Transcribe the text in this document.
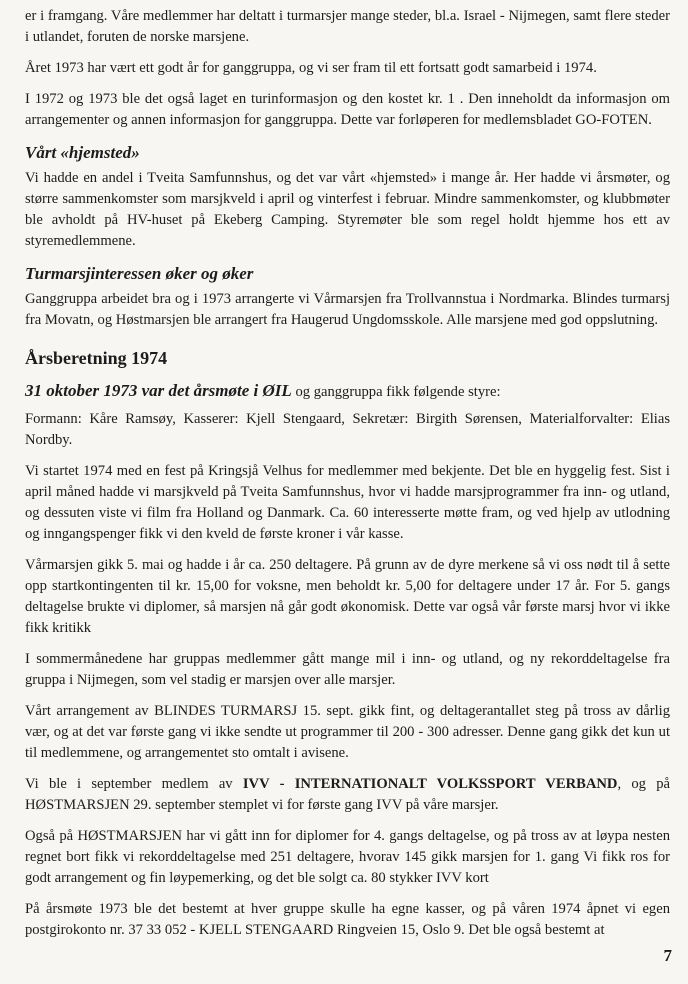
er i framgang. Våre medlemmer har deltatt i turmarsjer mange steder, bl.a. Israel - Nijmegen, samt flere steder i utlandet, foruten de norske marsjene.

Året 1973 har vært ett godt år for ganggruppa, og vi ser fram til ett fortsatt godt samarbeid i 1974.

I 1972 og 1973 ble det også laget en turinformasjon og den kostet kr. 1 . Den inneholdt da informasjon om arrangementer og annen informasjon for ganggruppa. Dette var forløperen for medlemsbladet GO-FOTEN.

Vårt «hjemsted»

Vi hadde en andel i Tveita Samfunnshus, og det var vårt «hjemsted» i mange år. Her hadde vi årsmøter, og større sammenkomster som marsjkveld i april og vinterfest i februar. Mindre sammenkomster, og klubbmøter ble avholdt på HV-huset på Ekeberg Camping. Styremøter ble som regel holdt hjemme hos ett av styremedlemmene.

Turmarsjinteressen øker og øker

Ganggruppa arbeidet bra og i 1973 arrangerte vi Vårmarsjen fra Trollvannstua i Nordmarka. Blindes turmarsj fra Movatn, og Høstmarsjen ble arrangert fra Haugerud Ungdomsskole. Alle marsjene med god oppslutning.

Årsberetning 1974
31 oktober 1973 var det årsmøte i ØIL og ganggruppa fikk følgende styre:

Formann: Kåre Ramsøy, Kasserer: Kjell Stengaard, Sekretær: Birgith Sørensen, Materialforvalter: Elias Nordby.

Vi startet 1974 med en fest på Kringsjå Velhus for medlemmer med bekjente. Det ble en hyggelig fest. Sist i april måned hadde vi marsjkveld på Tveita Samfunnshus, hvor vi hadde marsjprogrammer fra inn- og utland, og dessuten viste vi film fra Holland og Danmark. Ca. 60 interesserte møtte fram, og ved hjelp av utlodning og inngangspenger fikk vi den kveld de første kroner i vår kasse.

Vårmarsjen gikk 5. mai og hadde i år ca. 250 deltagere. På grunn av de dyre merkene så vi oss nødt til å sette opp startkontingenten til kr. 15,00 for voksne, men beholdt kr. 5,00 for deltagere under 17 år. For 5. gangs deltagelse brukte vi diplomer, så marsjen nå går godt økonomisk. Dette var også vår første marsj hvor vi ikke fikk kritikk

I sommermånedene har gruppas medlemmer gått mange mil i inn- og utland, og ny rekorddeltagelse fra gruppa i Nijmegen, som vel stadig er marsjen over alle marsjer.

Vårt arrangement av BLINDES TURMARSJ 15. sept. gikk fint, og deltagerantallet steg på tross av dårlig vær, og at det var første gang vi ikke sendte ut programmer til 200 - 300 adresser. Denne gang gikk det kun ut til medlemmene, og arrangementet sto omtalt i avisene.

Vi ble i september medlem av IVV - INTERNATIONALT VOLKSSPORT VERBAND, og på HØSTMARSJEN 29. september stemplet vi for første gang IVV på våre marsjer.

Også på HØSTMARSJEN har vi gått inn for diplomer for 4. gangs deltagelse, og på tross av at løypa nesten regnet bort fikk vi rekorddeltagelse med 251 deltagere, hvorav 145 gikk marsjen for 1. gang Vi fikk ros for godt arrangement og fin løypemerking, og det ble solgt ca. 80 stykker IVV kort

På årsmøte 1973 ble det bestemt at hver gruppe skulle ha egne kasser, og på våren 1974 åpnet vi egen postgirokonto nr. 37 33 052 - KJELL STENGAARD Ringveien 15, Oslo 9. Det ble også bestemt at

7
